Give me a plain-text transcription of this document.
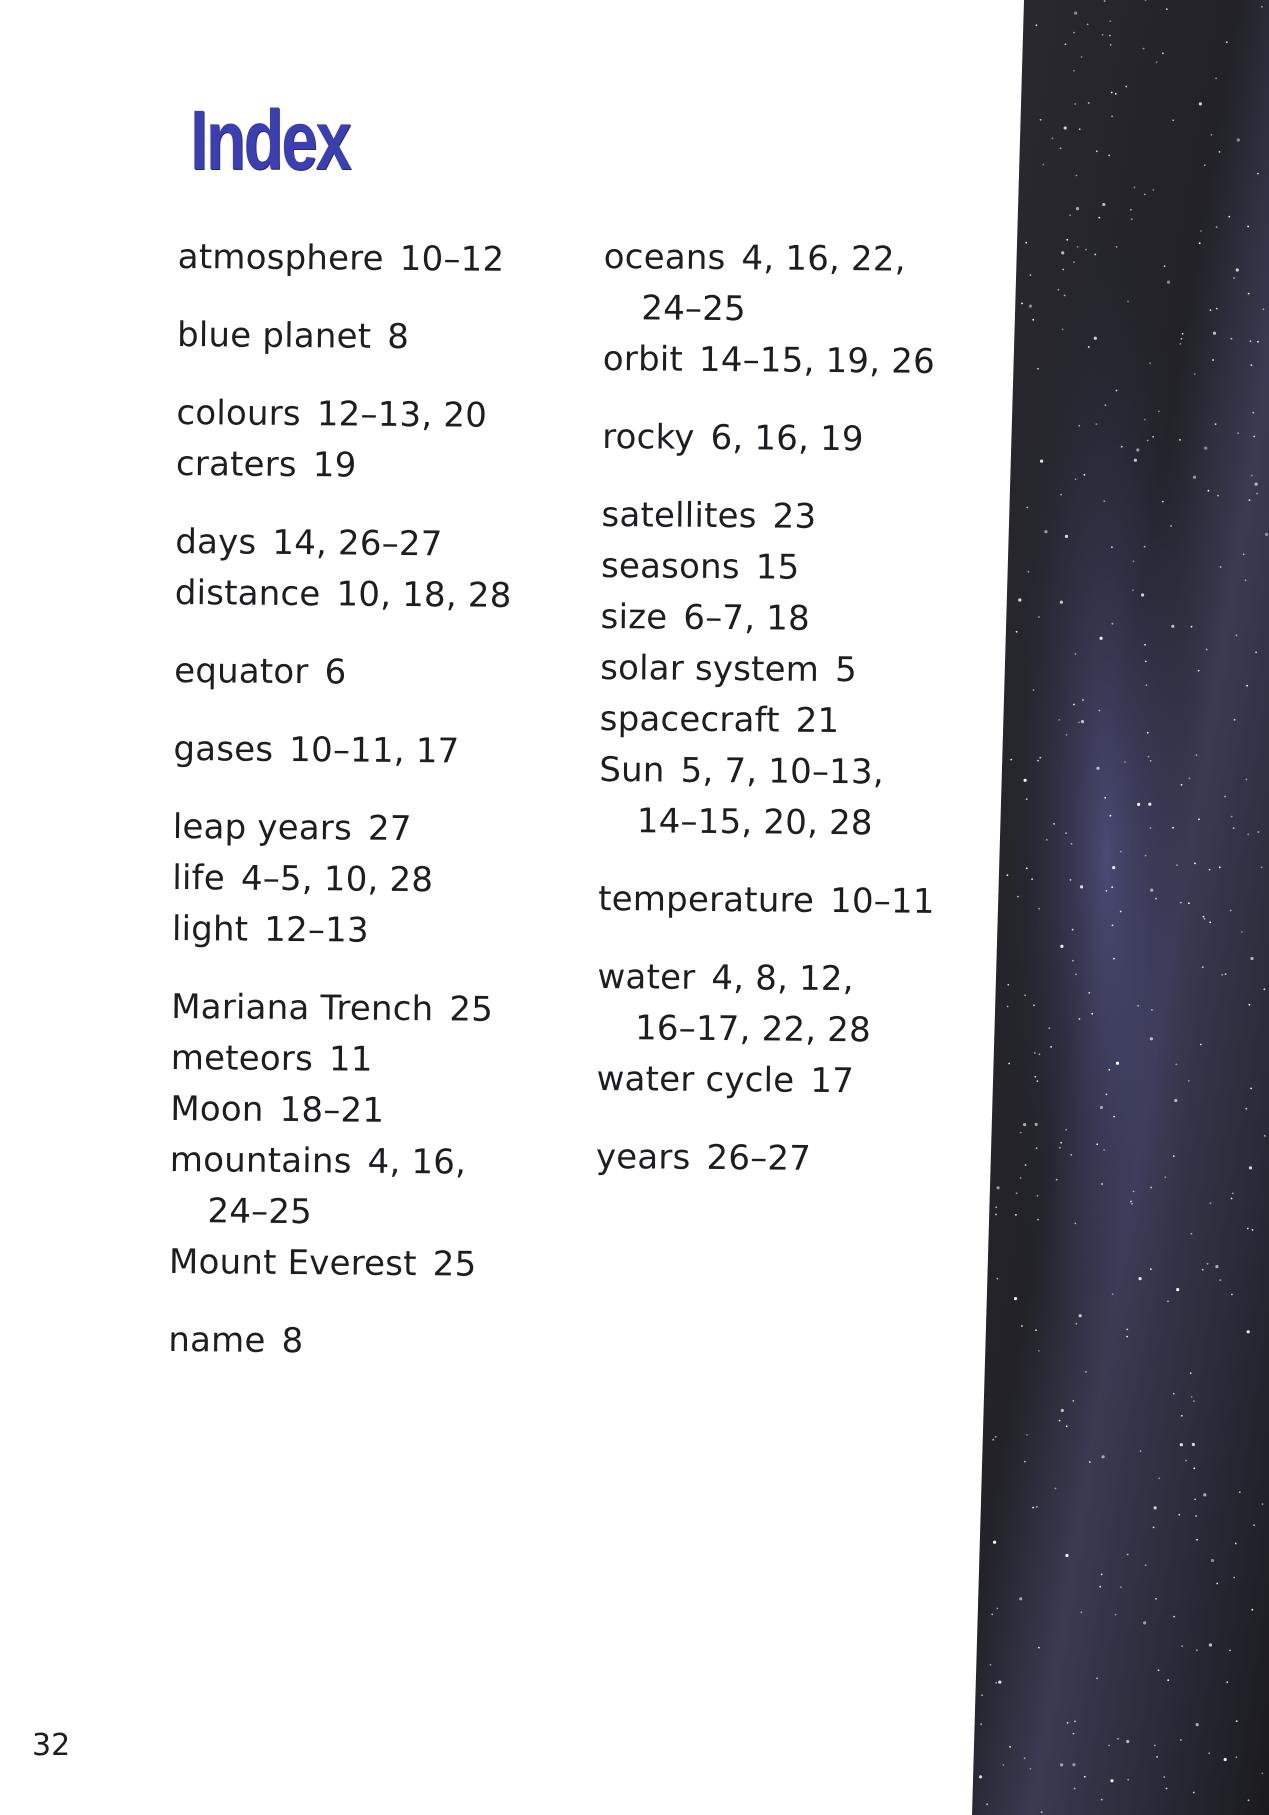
Index
atmosphere 10–12
blue planet 8
colours 12–13, 20
craters 19
days 14, 26–27
distance 10, 18, 28
equator 6
gases 10–11, 17
leap years 27
life 4–5, 10, 28
light 12–13
Mariana Trench 25
meteors 11
Moon 18–21
mountains 4, 16,
24–25
Mount Everest 25
name 8
oceans 4, 16, 22,
24–25
orbit 14–15, 19, 26
rocky 6, 16, 19
satellites 23
seasons 15
size 6–7, 18
solar system 5
spacecraft 21
Sun 5, 7, 10–13,
14–15, 20, 28
temperature 10–11
water 4, 8, 12,
16–17, 22, 28
water cycle 17
years 26–27
32
